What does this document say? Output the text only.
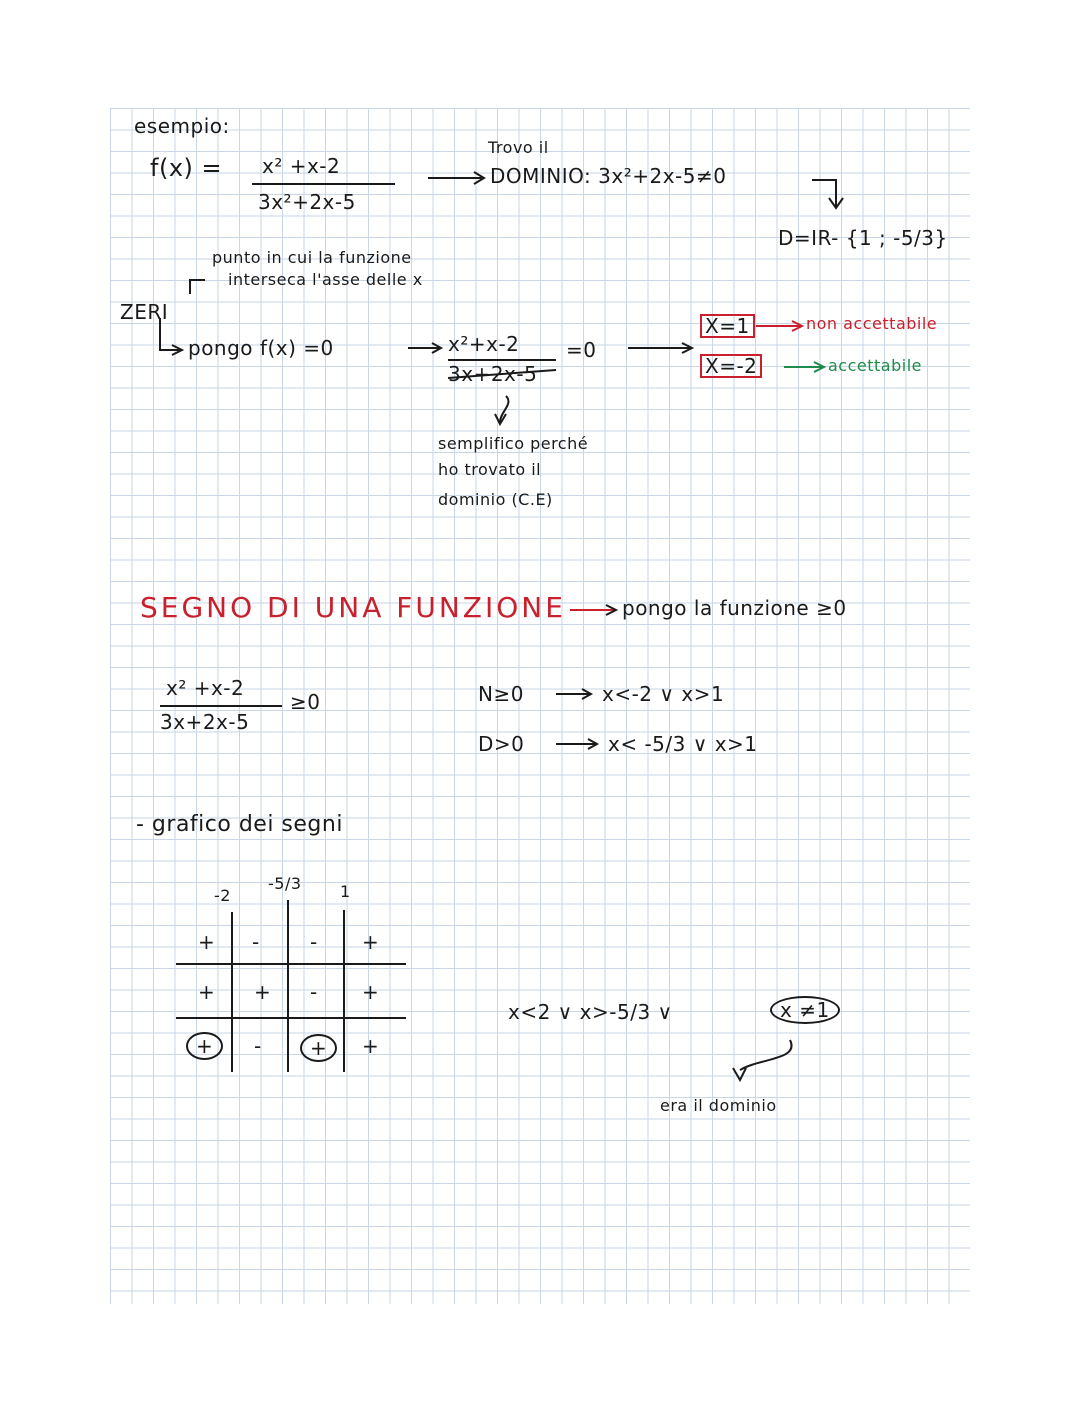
esempio:
f(x) = x² +x-2
3x²+2x-5
Trovo il
DOMINIO: 3x²+2x-5≠0
D=IR- {1 ; -5/3}
punto in cui la funzione
interseca l'asse delle x
ZERI
pongo f(x) =0	x²+x-2
3x+2x-5
=0
X=1	non accettabile
X=-2	accettabile
semplifico perché
ho trovato il
dominio (C.E)
SEGNO DI UNA FUNZIONE	pongo la funzione ≥0
x² +x-2
3x+2x-5
≥0	N≥0	x<-2 ∨ x>1
D>0	x< -5/3 ∨ x>1
- grafico dei segni
-2
-5/3 1
+ -	- +
+ + - +
+	-	+	+
x<2 ∨ x>-5/3 ∨	x ≠1
era il dominio
